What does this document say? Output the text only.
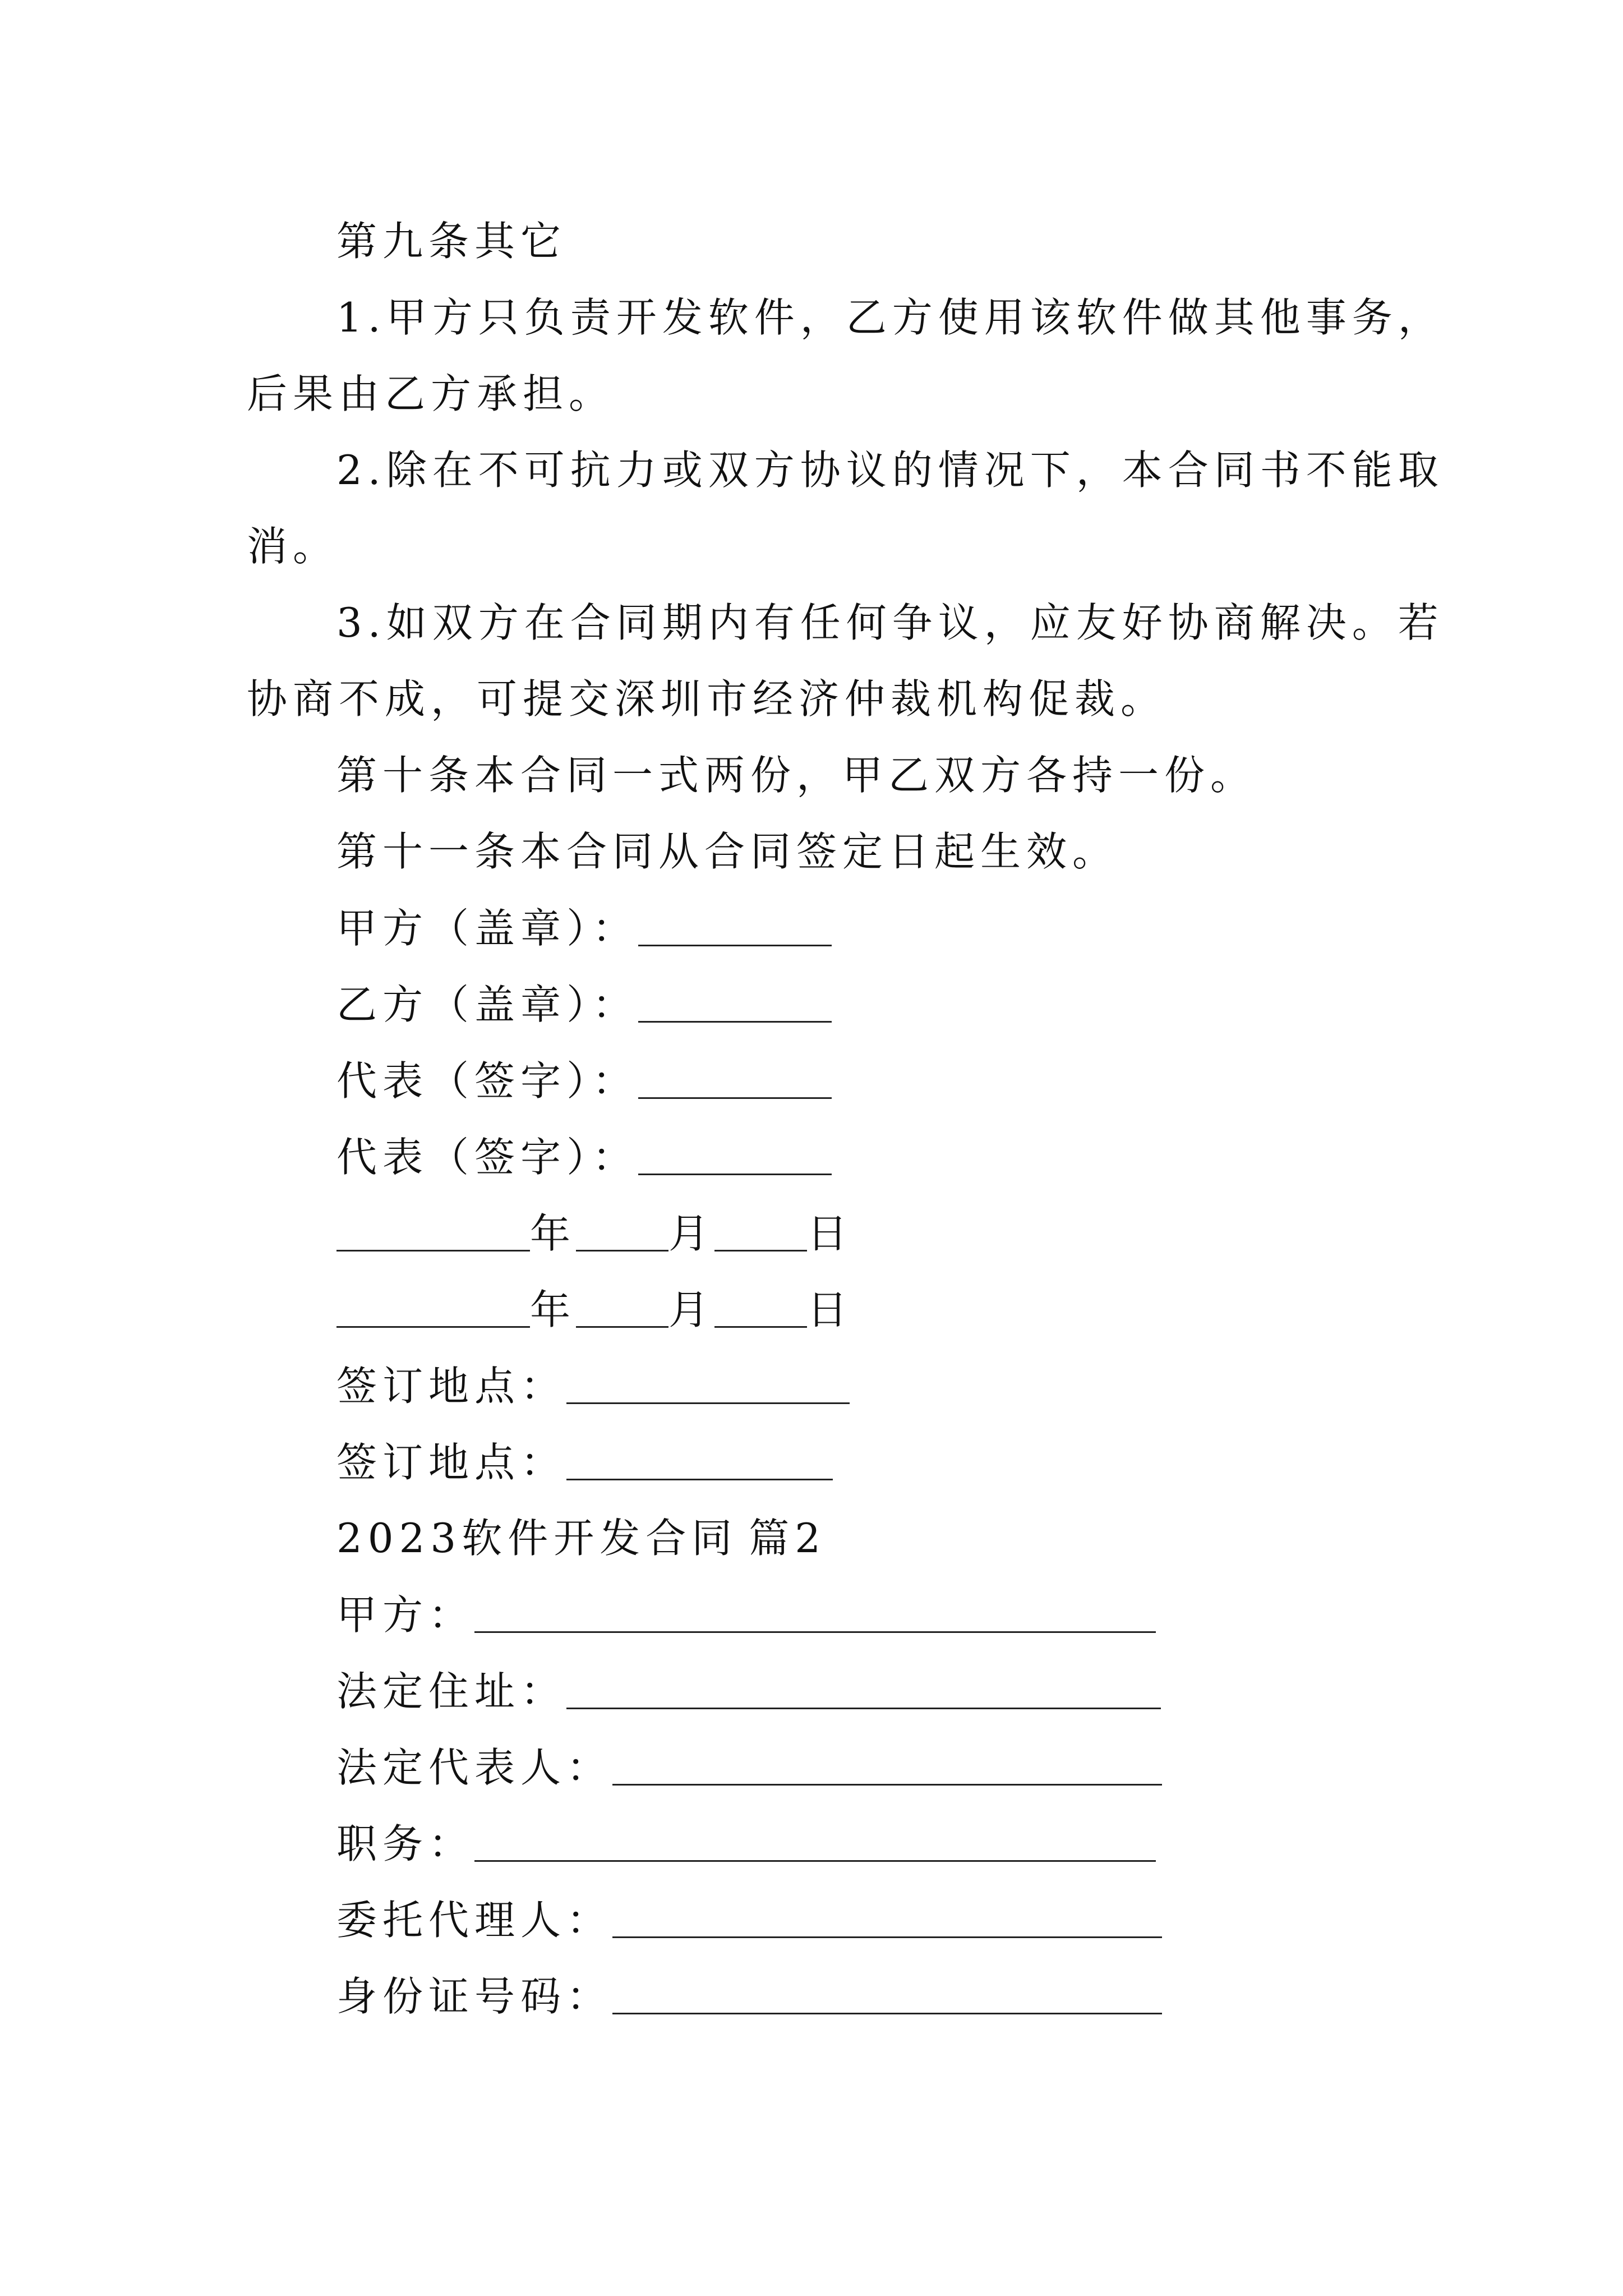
第九条其它
1.甲方只负责开发软件，乙方使用该软件做其他事务，
后果由乙方承担。
2.除在不可抗力或双方协议的情况下，本合同书不能取
消。
3.如双方在合同期内有任何争议，应友好协商解决。若
协商不成，可提交深圳市经济仲裁机构促裁。
第十条本合同一式两份，甲乙双方各持一份。
第十一条本合同从合同签定日起生效。
甲方（盖章）：
乙方（盖章）：
代表（签字）：
代表（签字）：
年 月 日
年 月 日
签订地点：
签订地点：
2023软件开发合同 篇2
甲方：
法定住址：
法定代表人：
职务：
委托代理人：
身份证号码：
